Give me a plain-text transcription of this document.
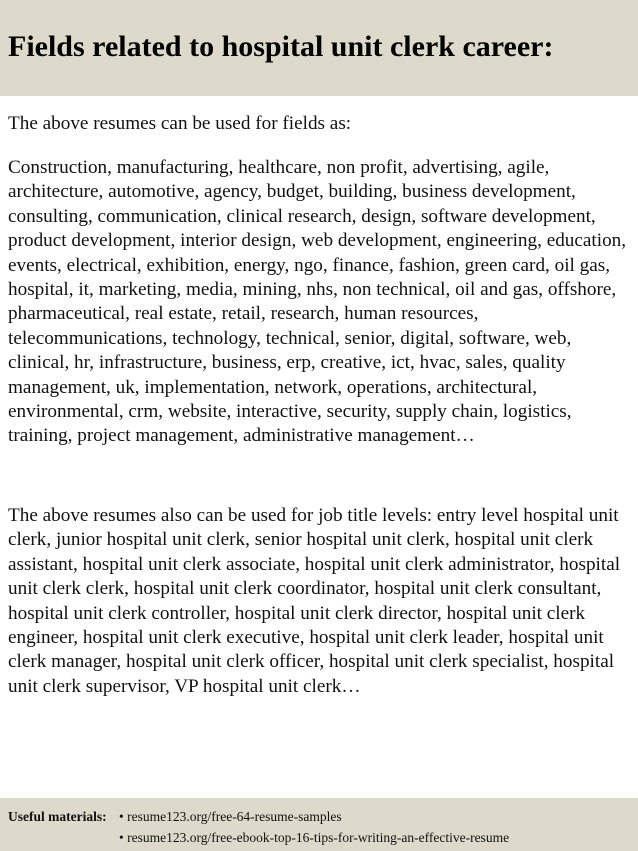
Fields related to hospital unit clerk career:

The above resumes can be used for fields as:

Construction, manufacturing, healthcare, non profit, advertising, agile, architecture, automotive, agency, budget, building, business development, consulting, communication, clinical research, design, software development, product development, interior design, web development, engineering, education, events, electrical, exhibition, energy, ngo, finance, fashion, green card, oil gas, hospital, it, marketing, media, mining, nhs, non technical, oil and gas, offshore, pharmaceutical, real estate, retail, research, human resources, telecommunications, technology, technical, senior, digital, software, web, clinical, hr, infrastructure, business, erp, creative, ict, hvac, sales, quality management, uk, implementation, network, operations, architectural, environmental, crm, website, interactive, security, supply chain, logistics, training, project management, administrative management…

The above resumes also can be used for job title levels: entry level hospital unit clerk, junior hospital unit clerk, senior hospital unit clerk, hospital unit clerk assistant, hospital unit clerk associate, hospital unit clerk administrator, hospital unit clerk clerk, hospital unit clerk coordinator, hospital unit clerk consultant, hospital unit clerk controller, hospital unit clerk director, hospital unit clerk engineer, hospital unit clerk executive, hospital unit clerk leader, hospital unit clerk manager, hospital unit clerk officer, hospital unit clerk specialist, hospital unit clerk supervisor, VP hospital unit clerk…

Useful materials: • resume123.org/free-64-resume-samples
• resume123.org/free-ebook-top-16-tips-for-writing-an-effective-resume
